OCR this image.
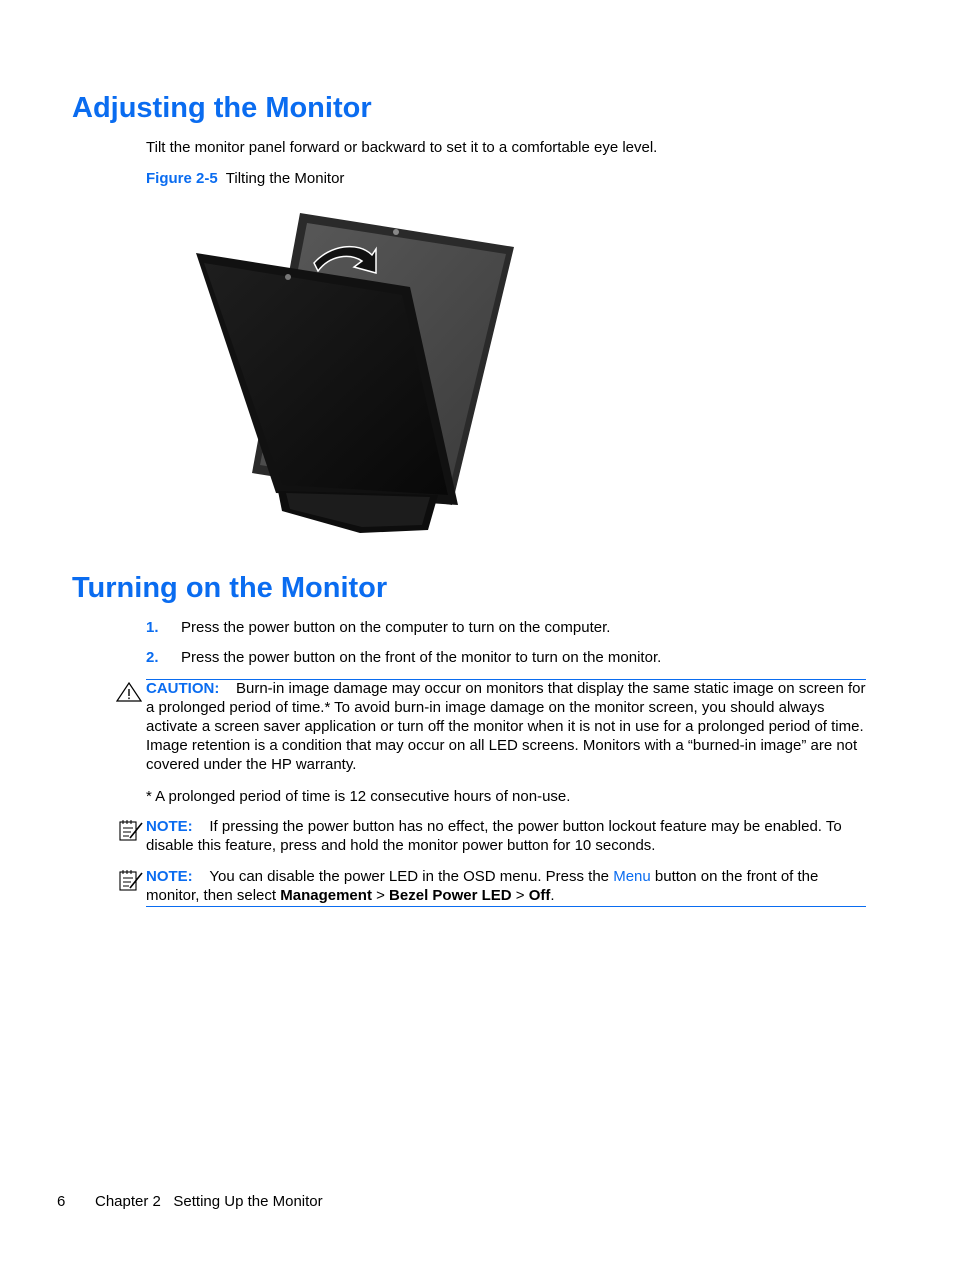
Adjusting the Monitor
Tilt the monitor panel forward or backward to set it to a comfortable eye level.
Figure 2-5 Tilting the Monitor
Turning on the Monitor
1. Press the power button on the computer to turn on the computer.
2. Press the power button on the front of the monitor to turn on the monitor.

CAUTION: Burn-in image damage may occur on monitors that display the same static image on screen for a prolonged period of time.* To avoid burn-in image damage on the monitor screen, you should always activate a screen saver application or turn off the monitor when it is not in use for a prolonged period of time. Image retention is a condition that may occur on all LED screens. Monitors with a “burned-in image” are not covered under the HP warranty.

* A prolonged period of time is 12 consecutive hours of non-use.

NOTE: If pressing the power button has no effect, the power button lockout feature may be enabled. To disable this feature, press and hold the monitor power button for 10 seconds.

NOTE: You can disable the power LED in the OSD menu. Press the Menu button on the front of the monitor, then select Management > Bezel Power LED > Off.

6 Chapter 2 Setting Up the Monitor
